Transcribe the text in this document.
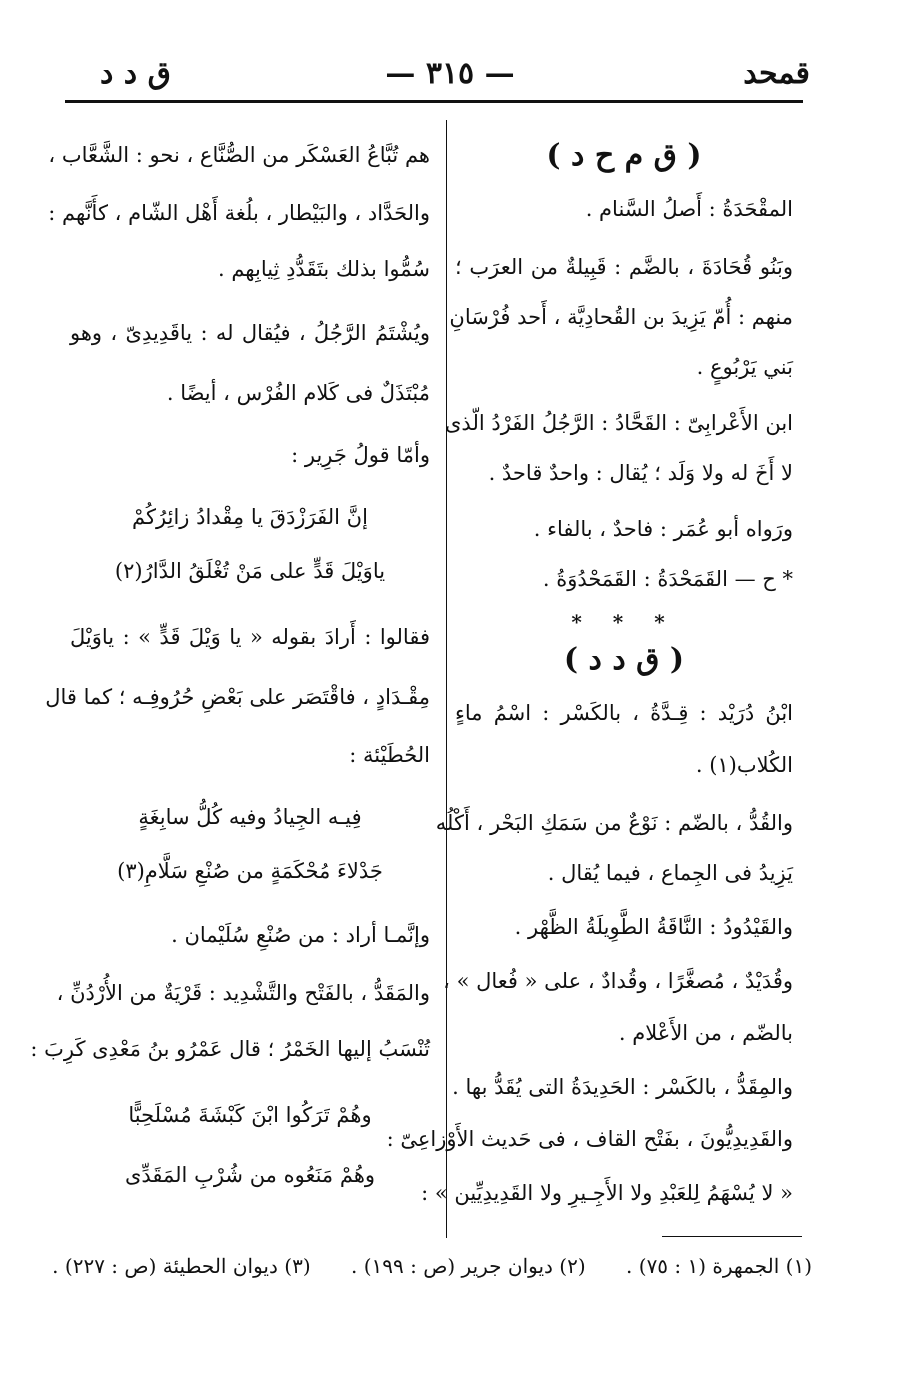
قمحد
— ٣١٥ —
ق د د
( ق م ح د )
المقْحَدَةُ : أَصلُ السَّنام .
وبَنُو قُحَادَةَ ، بالضَّم : قَبِيلةٌ من العرَب ؛
منهم : أُمّ يَزِيدَ بن القُحادِيَّة ، أَحد فُرْسَانِ
بَني يَرْبُوعٍ .
ابن الأَعْرابِىّ : القَحَّادُ : الرَّجُلُ الفَرْدُ الّذى
لا أَخَ له ولا وَلَد ؛ يُقال : واحدٌ قاحدٌ .
ورَواه أبو عُمَر : فاحدٌ ، بالفاء .
* ح — القَمَحْدَةُ : القَمَحْدُوَةُ .
* * *
( ق د د )
ابْنُ دُرَيْد : قِـدَّةُ ، بالكَسْر : اسْمُ ماءٍ
الكُلاب(١) .
والقُدُّ ، بالضّم : نَوْعٌ من سَمَكِ البَحْر ، أَكْلُه
يَزِيدُ فى الجِماع ، فيما يُقال .
والقَيْدُودُ : النَّاقَةُ الطَّوِيلَةُ الظَّهْر .
وقُدَيْدٌ ، مُصغَّرًا ، وقُدادٌ ، على « فُعال » ،
بالضّم ، من الأَعْلام .
والمِقَدُّ ، بالكَسْر : الحَدِيدَةُ التى يُقَدُّ بها .
والقَدِيدِيُّونَ ، بفَتْح القاف ، فى حَديث الأَوْزاعِىّ :
« لا يُسْهَمُ لِلعَبْدِ ولا الأَجِـيرِ ولا القَدِيدِيِّين » :
هم تُبَّاعُ العَسْكَر من الصُّنَّاع ، نحو : الشَّعَّاب ،
والحَدَّاد ، والبَيْطار ، بلُغة أَهْل الشّام ، كأَنَّهم :
سُمُّوا بذلك بتَقَدُّدِ ثِيابِهم .
ويُشْتَمُ الرَّجُلُ ، فيُقال له : ياقَدِيدِىّ ، وهو
مُبْتَذَلٌ فى كَلام الفُرْس ، أيضًا .
وأمّا قولُ جَرِير :
إنَّ الفَرَزْدَقَ يا مِقْدادُ زائِرُكُمْ
ياوَيْلَ قَدٍّ على مَنْ تُغْلَقُ الدَّارُ(٢)
فقالوا : أَرادَ بقوله « يا وَيْلَ قَدٍّ » : ياوَيْلَ
مِقْـدَادٍ ، فاقْتَصَر على بَعْضِ حُرُوفِـه ؛ كما قال
الحُطَيْئة :
فِيـه الجِيادُ وفيه كُلُّ سابِغَةٍ
جَدْلاءَ مُحْكَمَةٍ من صُنْعِ سَلَّامِ(٣)
وإنَّمـا أراد : من صُنْعِ سُلَيْمان .
والمَقَدُّ ، بالفَتْح والتَّشْدِيد : قَرْيَةٌ من الأُرْدُنِّ ،
تُنْسَبُ إليها الخَمْرُ ؛ قال عَمْرُو بنُ مَعْدِى كَرِبَ :
وهُمْ تَرَكُوا ابْنَ كَبْشَةَ مُسْلَحِبًّا
وهُمْ مَنَعُوه من شُرْبِ المَقَدِّى
(١) الجمهرة (١ : ٧٥) . (٢) ديوان جرير (ص : ١٩٩) . (٣) ديوان الحطيئة (ص : ٢٢٧) .
